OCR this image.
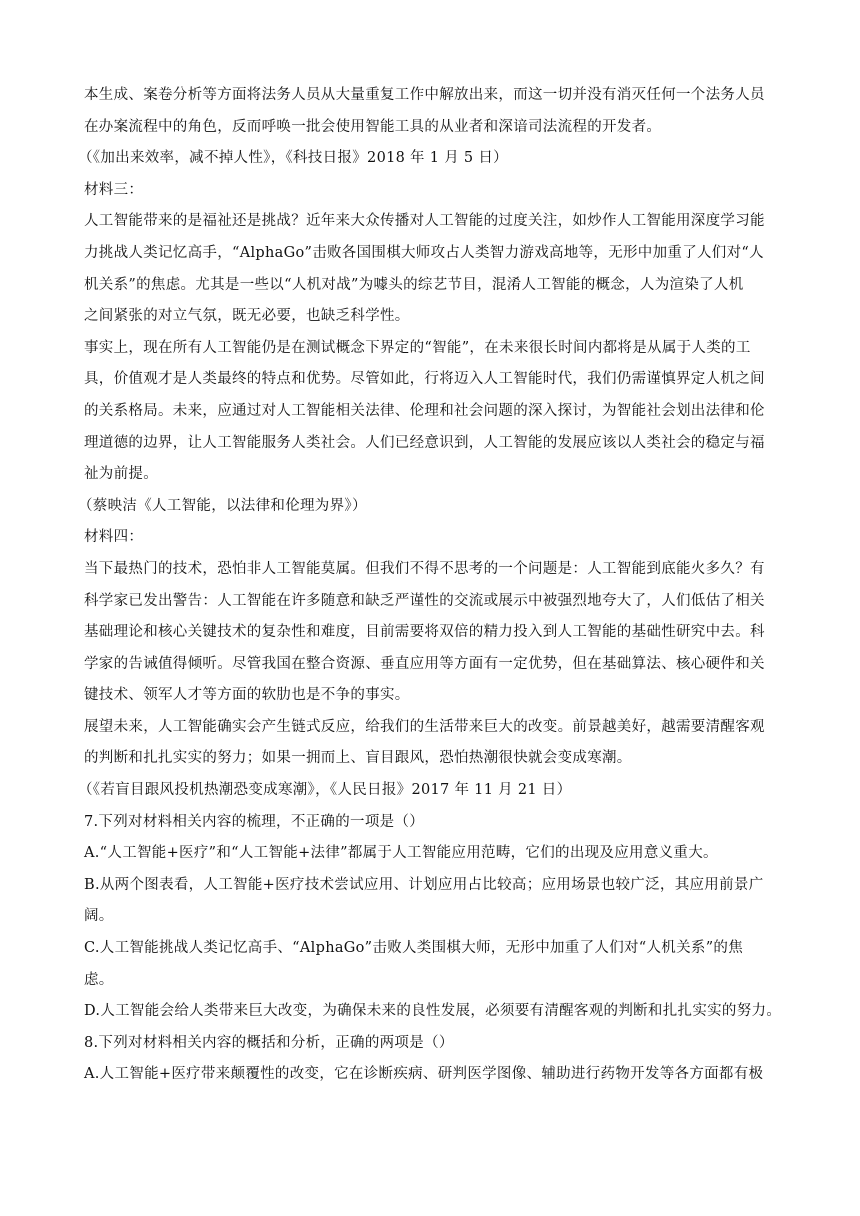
本生成、案卷分析等方面将法务人员从大量重复工作中解放出来，而这一切并没有消灭任何一个法务人员
在办案流程中的角色，反而呼唤一批会使用智能工具的从业者和深谙司法流程的开发者。
（《加出来效率，减不掉人性》，《科技日报》2018 年 1 月 5 日）
材料三：
人工智能带来的是福祉还是挑战？近年来大众传播对人工智能的过度关注，如炒作人工智能用深度学习能
力挑战人类记忆高手，“AlphaGo”击败各国围棋大师攻占人类智力游戏高地等，无形中加重了人们对“人
机关系”的焦虑。尤其是一些以“人机对战”为噱头的综艺节目，混淆人工智能的概念，人为渲染了人机
之间紧张的对立气氛，既无必要，也缺乏科学性。
事实上，现在所有人工智能仍是在测试概念下界定的“智能”，在未来很长时间内都将是从属于人类的工
具，价值观才是人类最终的特点和优势。尽管如此，行将迈入人工智能时代，我们仍需谨慎界定人机之间
的关系格局。未来，应通过对人工智能相关法律、伦理和社会问题的深入探讨，为智能社会划出法律和伦
理道德的边界，让人工智能服务人类社会。人们已经意识到，人工智能的发展应该以人类社会的稳定与福
祉为前提。
（蔡映洁《人工智能，以法律和伦理为界》）
材料四：
当下最热门的技术，恐怕非人工智能莫属。但我们不得不思考的一个问题是：人工智能到底能火多久？有
科学家已发出警告：人工智能在许多随意和缺乏严谨性的交流或展示中被强烈地夸大了，人们低估了相关
基础理论和核心关键技术的复杂性和难度，目前需要将双倍的精力投入到人工智能的基础性研究中去。科
学家的告诫值得倾听。尽管我国在整合资源、垂直应用等方面有一定优势，但在基础算法、核心硬件和关
键技术、领军人才等方面的软肋也是不争的事实。
展望未来，人工智能确实会产生链式反应，给我们的生活带来巨大的改变。前景越美好，越需要清醒客观
的判断和扎扎实实的努力；如果一拥而上、盲目跟风，恐怕热潮很快就会变成寒潮。
（《若盲目跟风投机热潮恐变成寒潮》，《人民日报》2017 年 11 月 21 日）
7.下列对材料相关内容的梳理，不正确的一项是（）
A.“人工智能+医疗”和“人工智能+法律”都属于人工智能应用范畴，它们的出现及应用意义重大。
B.从两个图表看，人工智能+医疗技术尝试应用、计划应用占比较高；应用场景也较广泛，其应用前景广
阔。
C.人工智能挑战人类记忆高手、“AlphaGo”击败人类围棋大师，无形中加重了人们对“人机关系”的焦
虑。
D.人工智能会给人类带来巨大改变，为确保未来的良性发展，必须要有清醒客观的判断和扎扎实实的努力。
8.下列对材料相关内容的概括和分析，正确的两项是（）
A.人工智能+医疗带来颠覆性的改变，它在诊断疾病、研判医学图像、辅助进行药物开发等各方面都有极
